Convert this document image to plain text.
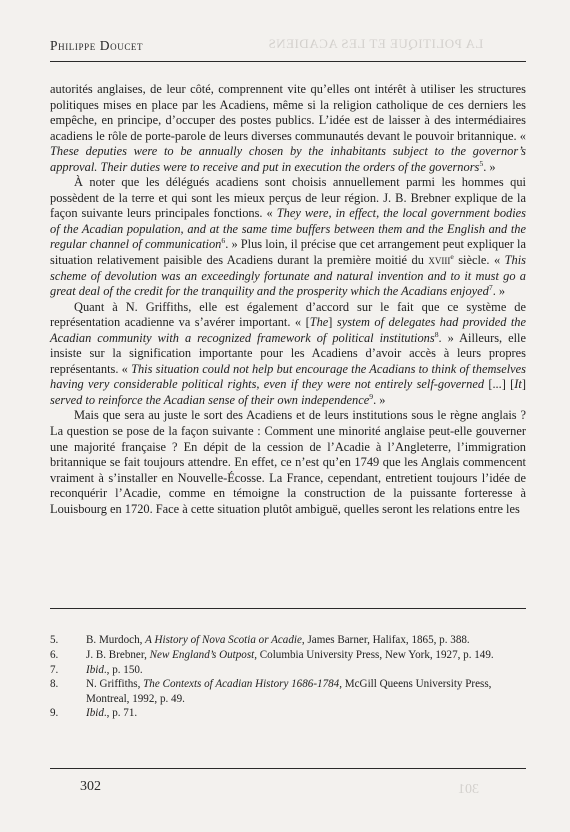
LA POLITIQUE ET LES ACADIENS
301
Philippe Doucet

autorités anglaises, de leur côté, comprennent vite qu’elles ont intérêt à utiliser les structures politiques mises en place par les Acadiens, même si la religion catholique de ces derniers les empêche, en principe, d’occuper des postes publics. L’idée est de laisser à des intermédiaires acadiens le rôle de porte-parole de leurs diverses communautés devant le pouvoir britannique. « These deputies were to be annually chosen by the inhabitants subject to the governor’s approval. Their duties were to receive and put in execution the orders of the governors$^5$. »

À noter que les délégués acadiens sont choisis annuellement parmi les hommes qui possèdent de la terre et qui sont les mieux perçus de leur région. J. B. Brebner explique de la façon suivante leurs principales fonctions. « They were, in effect, the local government bodies of the Acadian population, and at the same time buffers between them and the English and the regular channel of communication$^6$. » Plus loin, il précise que cet arrangement peut expliquer la situation relativement paisible des Acadiens durant la première moitié du xviii$^e$ siècle. « This scheme of devolution was an exceedingly fortunate and natural invention and to it must go a great deal of the credit for the tranquility and the prosperity which the Acadians enjoyed$^7$. »

Quant à N. Griffiths, elle est également d’accord sur le fait que ce système de représentation acadienne va s’avérer important. « [The] system of delegates had provided the Acadian community with a recognized framework of political institutions$^8$. » Ailleurs, elle insiste sur la signification importante pour les Acadiens d’avoir accès à leurs propres représentants. « This situation could not help but encourage the Acadians to think of themselves having very considerable political rights, even if they were not entirely self-governed [...] [It] served to reinforce the Acadian sense of their own independence$^9$. »

Mais que sera au juste le sort des Acadiens et de leurs institutions sous le règne anglais ? La question se pose de la façon suivante : Comment une minorité anglaise peut-elle gouverner une majorité française ? En dépit de la cession de l’Acadie à l’Angleterre, l’immigration britannique se fait toujours attendre. En effet, ce n’est qu’en 1749 que les Anglais commencent vraiment à s’installer en Nouvelle-Écosse. La France, cependant, entretient toujours l’idée de reconquérir l’Acadie, comme en témoigne la construction de la puissante forteresse à Louisbourg en 1720. Face à cette situation plutôt ambiguë, quelles seront les relations entre les

5.	B. Murdoch, A History of Nova Scotia or Acadie, James Barner, Halifax, 1865, p. 388.
6.	J. B. Brebner, New England’s Outpost, Columbia University Press, New York, 1927, p. 149.
7.	Ibid., p. 150.
8.	N. Griffiths, The Contexts of Acadian History 1686-1784, McGill Queens University Press, Montreal, 1992, p. 49.
9.	Ibid., p. 71.
302
